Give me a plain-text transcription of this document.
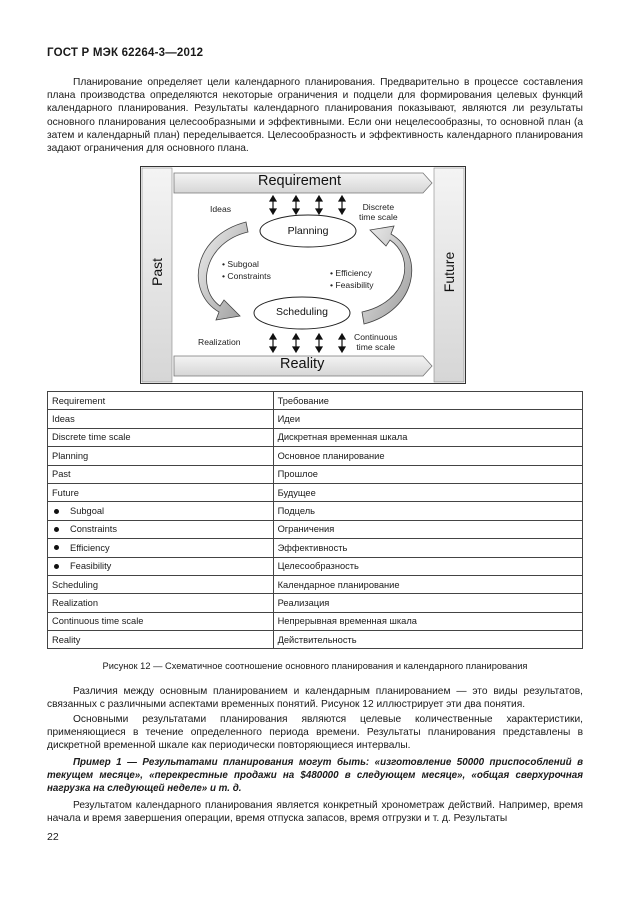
ГОСТ Р МЭК 62264-3—2012

Планирование определяет цели календарного планирования. Предварительно в процессе составления плана производства определяются некоторые ограничения и подцели для формирования целевых функций календарного планирования. Результаты календарного планирования показывают, являются ли результаты основного планирования целесообразными и эффективными. Если они нецелесообразны, то основной план (а затем и календарный план) переделывается. Целесообразность и эффективность календарного планирования задают ограничения для основного плана.

Requirement
Reality
Past	Future
Ideas	Discrete
time scale
Planning
Scheduling
• Subgoal
• Constraints	• Efficiency
• Feasibility
Realization	Continuous
time scale
Requirement	Требование
Ideas	Идеи
Discrete time scale	Дискретная временная шкала
Planning	Основное планирование
Past	Прошлое
Future	Будущее
Subgoal	Подцель
Constraints	Ограничения
Efficiency	Эффективность
Feasibility	Целесообразность
Scheduling	Календарное планирование
Realization	Реализация
Continuous time scale	Непрерывная временная шкала
Reality	Действительность
Рисунок 12 — Схематичное соотношение основного планирования и календарного планирования

Различия между основным планированием и календарным планированием — это виды результатов, связанных с различными аспектами временных понятий. Рисунок 12 иллюстрирует эти два понятия.

Основными результатами планирования являются целевые количественные характеристики, применяющиеся в течение определенного периода времени. Результаты планирования представлены в дискретной временной шкале как периодически повторяющиеся интервалы.

Пример 1 — Результатами планирования могут быть: «изготовление 50000 приспособлений в текущем месяце», «перекрестные продажи на $480000 в следующем месяце», «общая сверхурочная нагрузка на следующей неделе» и т. д.

Результатом календарного планирования является конкретный хронометраж действий. Например, время начала и время завершения операции, время отпуска запасов, время отгрузки и т. д. Результаты

22
